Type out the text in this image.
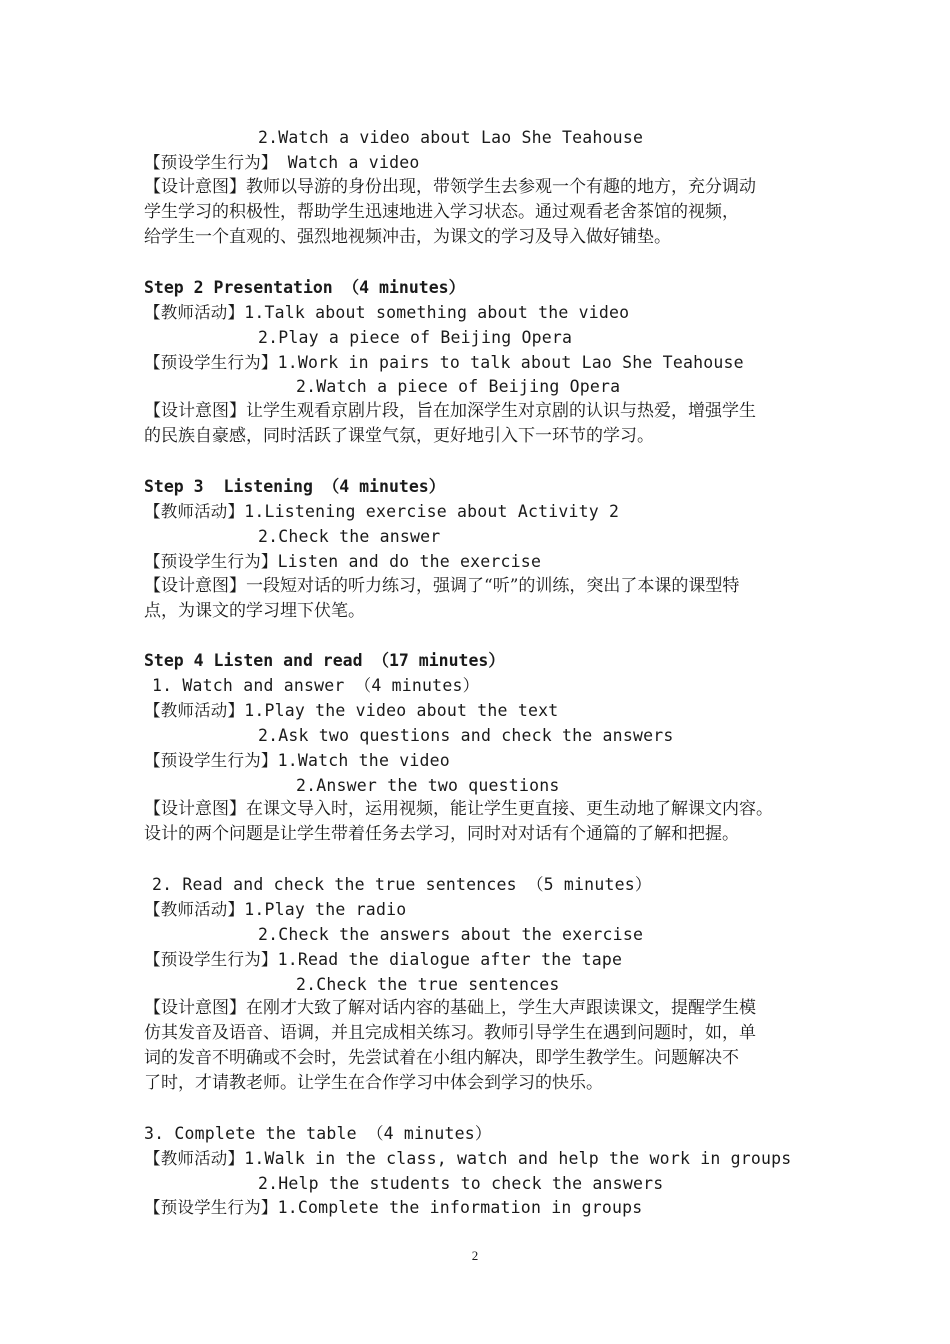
2.Watch a video about Lao She Teahouse
【预设学生行为】 Watch a video
【设计意图】教师以导游的身份出现，带领学生去参观一个有趣的地方，充分调动
学生学习的积极性，帮助学生迅速地进入学习状态。通过观看老舍茶馆的视频，
给学生一个直观的、强烈地视频冲击，为课文的学习及导入做好铺垫。
Step 2 Presentation （4 minutes）
【教师活动】1.Talk about something about the video
2.Play a piece of Beijing Opera
【预设学生行为】1.Work in pairs to talk about Lao She Teahouse
2.Watch a piece of Beijing Opera
【设计意图】让学生观看京剧片段，旨在加深学生对京剧的认识与热爱，增强学生
的民族自豪感，同时活跃了课堂气氛，更好地引入下一环节的学习。
Step 3  Listening （4 minutes）
【教师活动】1.Listening exercise about Activity 2
2.Check the answer
【预设学生行为】Listen and do the exercise
【设计意图】一段短对话的听力练习，强调了“听”的训练，突出了本课的课型特
点，为课文的学习埋下伏笔。
Step 4 Listen and read （17 minutes）
1. Watch and answer （4 minutes）
【教师活动】1.Play the video about the text
2.Ask two questions and check the answers
【预设学生行为】1.Watch the video
2.Answer the two questions
【设计意图】在课文导入时，运用视频，能让学生更直接、更生动地了解课文内容。
设计的两个问题是让学生带着任务去学习，同时对对话有个通篇的了解和把握。
2. Read and check the true sentences （5 minutes）
【教师活动】1.Play the radio
2.Check the answers about the exercise
【预设学生行为】1.Read the dialogue after the tape
2.Check the true sentences
【设计意图】在刚才大致了解对话内容的基础上，学生大声跟读课文，提醒学生模
仿其发音及语音、语调，并且完成相关练习。教师引导学生在遇到问题时，如，单
词的发音不明确或不会时，先尝试着在小组内解决，即学生教学生。问题解决不
了时，才请教老师。让学生在合作学习中体会到学习的快乐。
3. Complete the table （4 minutes）
【教师活动】1.Walk in the class, watch and help the work in groups
2.Help the students to check the answers
【预设学生行为】1.Complete the information in groups
2
